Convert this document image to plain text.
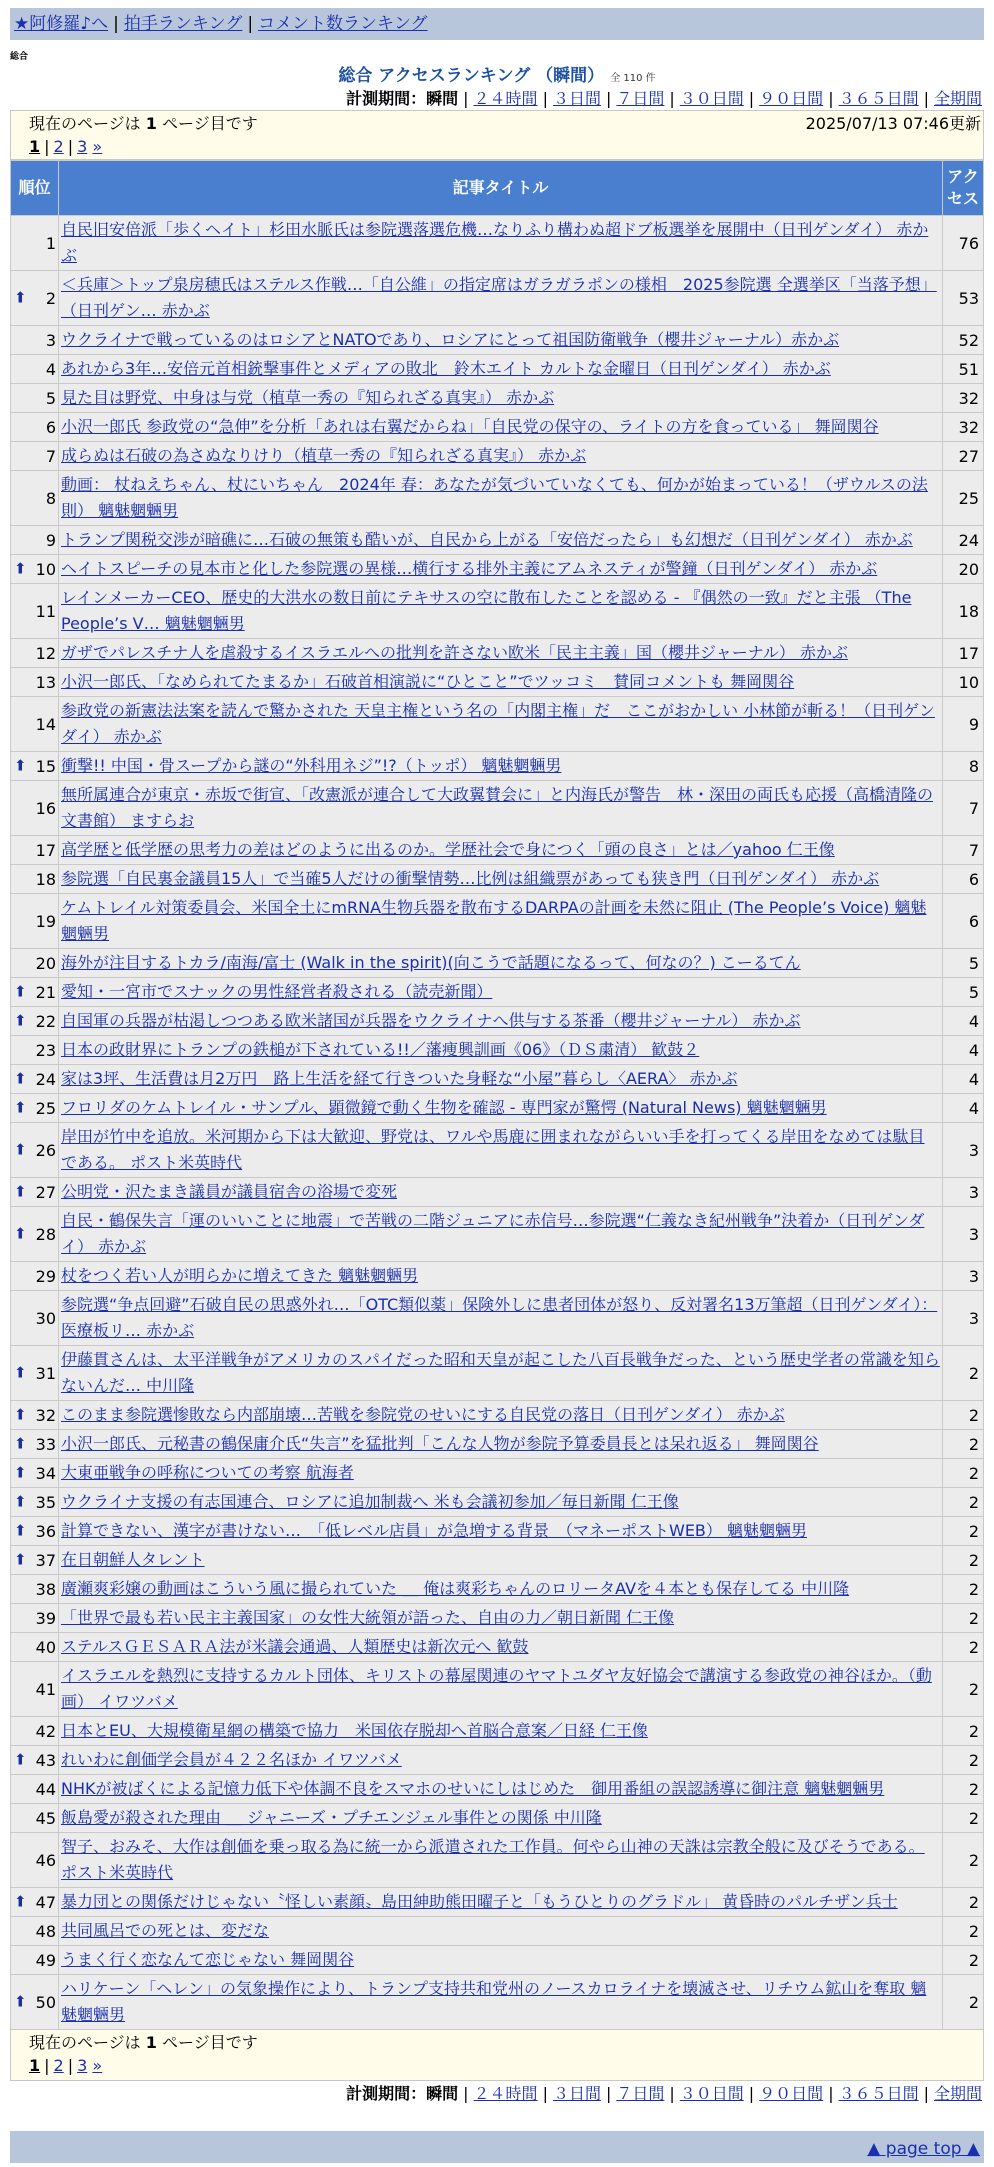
★阿修羅♪へ | 拍手ランキング | コメント数ランキング
総合
総合 アクセスランキング （瞬間） 全 110 件
計測期間：瞬間 | ２４時間 | ３日間 | ７日間 | ３０日間 | ９０日間 | ３６５日間 | 全期間
現在のページは 1 ページ目です	2025/07/13 07:46更新
1 | 2 | 3 »
順位	記事タイトル	アクセス
1	自民旧安倍派「歩くヘイト」杉田水脈氏は参院選落選危機…なりふり構わぬ超ドブ板選挙を展開中（日刊ゲンダイ） 赤かぶ	76

⬆ 2	＜兵庫＞トップ泉房穂氏はステルス作戦…「自公維」の指定席はガラガラポンの様相　2025参院選 全選挙区「当落予想」（日刊ゲン… 赤かぶ	53
3	ウクライナで戦っているのはロシアとNATOであり、ロシアにとって祖国防衛戦争（櫻井ジャーナル）赤かぶ	52
4	あれから3年…安倍元首相銃撃事件とメディアの敗北　鈴木エイト カルトな金曜日（日刊ゲンダイ） 赤かぶ	51
5	見た目は野党、中身は与党（植草一秀の『知られざる真実』） 赤かぶ	32
6	小沢一郎氏 参政党の“急伸”を分析「あれは右翼だからね」「自民党の保守の、ライトの方を食っている」 舞岡関谷	32
7	成らぬは石破の為さぬなりけり（植草一秀の『知られざる真実』） 赤かぶ	27
8	動画： 杖ねえちゃん、杖にいちゃん　2024年 春：あなたが気づいていなくても、何かが始まっている！（ザウルスの法則） 魑魅魍魎男	25
9	トランプ関税交渉が暗礁に…石破の無策も酷いが、自民から上がる「安倍だったら」も幻想だ（日刊ゲンダイ） 赤かぶ	24

⬆ 10	ヘイトスピーチの見本市と化した参院選の異様…横行する排外主義にアムネスティが警鐘（日刊ゲンダイ） 赤かぶ	20
11	レインメーカーCEO、歴史的大洪水の数日前にテキサスの空に散布したことを認める - 『偶然の一致』だと主張 （The People’s V… 魑魅魍魎男	18
12	ガザでパレスチナ人を虐殺するイスラエルへの批判を許さない欧米「民主主義」国（櫻井ジャーナル） 赤かぶ	17
13	小沢一郎氏、「なめられてたまるか」石破首相演説に“ひとこと”でツッコミ　賛同コメントも 舞岡関谷	10
14	参政党の新憲法法案を読んで驚かされた 天皇主権という名の「内閣主権」だ　ここがおかしい 小林節が斬る！（日刊ゲンダイ） 赤かぶ	9

⬆ 15	衝撃!! 中国・骨スープから謎の“外科用ネジ”!?（トッポ） 魑魅魍魎男	8
16	無所属連合が東京・赤坂で街宣、「改憲派が連合して大政翼賛会に」と内海氏が警告　林・深田の両氏も応援（高橋清隆の文書館） ますらお	7
17	高学歴と低学歴の思考力の差はどのように出るのか。学歴社会で身につく「頭の良さ」とは／yahoo 仁王像	7
18	参院選「自民裏金議員15人」で当確5人だけの衝撃情勢…比例は組織票があっても狭き門（日刊ゲンダイ） 赤かぶ	6
19	ケムトレイル対策委員会、米国全土にmRNA生物兵器を散布するDARPAの計画を未然に阻止 (The People’s Voice) 魑魅魍魎男	6
20	海外が注目するトカラ/南海/富士 (Walk in the spirit)(向こうで話題になるって、何なの？) こーるてん	5

⬆ 21	愛知・一宮市でスナックの男性経営者殺される（読売新聞）	5

⬆ 22	自国軍の兵器が枯渇しつつある欧米諸国が兵器をウクライナへ供与する茶番（櫻井ジャーナル） 赤かぶ	4
23	日本の政財界にトランプの鉄槌が下されている!!／藩痩興訓画《06》（ＤＳ粛清） 歓鼓２	4

⬆ 24	家は3坪、生活費は月2万円　路上生活を経て行きついた身軽な“小屋”暮らし〈AERA〉 赤かぶ	4

⬆ 25	フロリダのケムトレイル・サンプル、顕微鏡で動く生物を確認 - 専門家が驚愕 (Natural News) 魑魅魍魎男	4

⬆ 26	岸田が竹中を追放。米河期から下は大歓迎、野党は、ワルや馬鹿に囲まれながらいい手を打ってくる岸田をなめては駄目である。 ポスト米英時代	3

⬆ 27	公明党・沢たまき議員が議員宿舎の浴場で変死	3

⬆ 28	自民・鶴保失言「運のいいことに地震」で苦戦の二階ジュニアに赤信号…参院選“仁義なき紀州戦争”決着か（日刊ゲンダイ） 赤かぶ	3
29	杖をつく若い人が明らかに増えてきた 魑魅魍魎男	3
30	参院選“争点回避”石破自民の思惑外れ…「OTC類似薬」保険外しに患者団体が怒り、反対署名13万筆超（日刊ゲンダイ）：医療板リ… 赤かぶ	3

⬆ 31	伊藤貫さんは、太平洋戦争がアメリカのスパイだった昭和天皇が起こした八百長戦争だった、という歴史学者の常識を知らないんだ… 中川隆	2

⬆ 32	このまま参院選惨敗なら内部崩壊…苦戦を参院党のせいにする自民党の落日（日刊ゲンダイ） 赤かぶ	2

⬆ 33	小沢一郎氏、元秘書の鶴保庸介氏“失言”を猛批判「こんな人物が参院予算委員長とは呆れ返る」 舞岡関谷	2

⬆ 34	大東亜戦争の呼称についての考察 航海者	2

⬆ 35	ウクライナ支援の有志国連合、ロシアに追加制裁へ 米も会議初参加／毎日新聞 仁王像	2

⬆ 36	計算できない、漢字が書けない…　「低レベル店員」が急増する背景　（マネーポストWEB） 魑魅魍魎男	2

⬆ 37	在日朝鮮人タレント	2
38	廣瀬爽彩嬢の動画はこういう風に撮られていた ＿ 俺は爽彩ちゃんのロリータAVを４本とも保存してる 中川隆	2
39	「世界で最も若い民主主義国家」の女性大統領が語った、自由の力／朝日新聞 仁王像	2
40	ステルスＧＥＳＡＲＡ法が米議会通過、人類歴史は新次元へ 歓鼓	2
41	イスラエルを熱烈に支持するカルト団体、キリストの幕屋関連のヤマトユダヤ友好協会で講演する参政党の神谷ほか。（動画） イワツバメ	2
42	日本とEU、大規模衛星網の構築で協力　米国依存脱却へ首脳合意案／日経 仁王像	2

⬆ 43	れいわに創価学会員が４２２名ほか イワツバメ	2
44	NHKが被ばくによる記憶力低下や体調不良をスマホのせいにしはじめた　御用番組の誤認誘導に御注意 魑魅魍魎男	2
45	飯島愛が殺された理由 ＿ ジャニーズ・プチエンジェル事件との関係 中川隆	2
46	智子、おみそ、大作は創価を乗っ取る為に統一から派遣された工作員。何やら山神の天誅は宗教全般に及びそうである。 ポスト米英時代	2

⬆ 47	暴力団との関係だけじゃない〝怪しい素顔〟島田紳助熊田曜子と「もうひとりのグラドル」 黄昏時のパルチザン兵士	2
48	共同風呂での死とは、変だな	2
49	うまく行く恋なんて恋じゃない 舞岡関谷	2

⬆ 50	ハリケーン「ヘレン」の気象操作により、トランプ支持共和党州のノースカロライナを壊滅させ、リチウム鉱山を奪取 魑魅魍魎男	2
現在のページは 1 ページ目です
1 | 2 | 3 »
計測期間：瞬間 | ２４時間 | ３日間 | ７日間 | ３０日間 | ９０日間 | ３６５日間 | 全期間
▲ page top ▲
